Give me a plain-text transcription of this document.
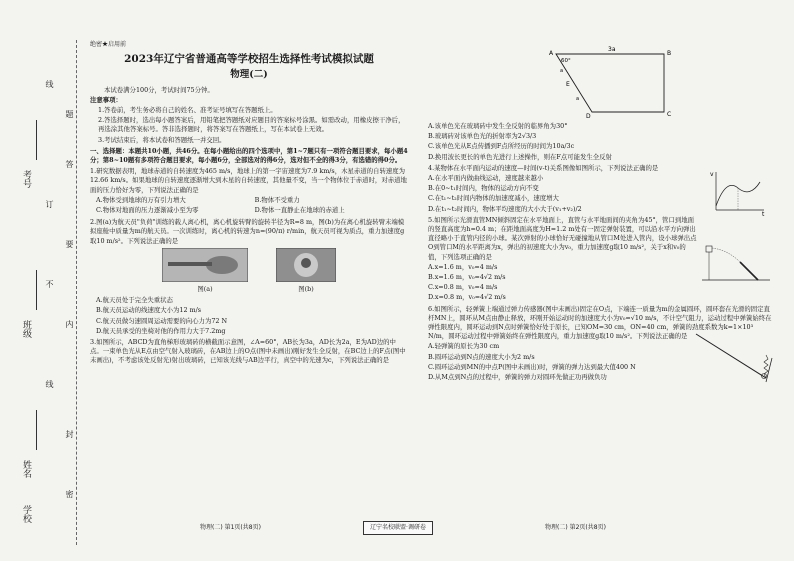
线
题
答
订
要
不
内
线
封
密
姓名
班级
考号
学校

绝密★启用前

2023年辽宁省普通高等学校招生选择性考试模拟试题
物理(二)

本试卷满分100分，考试时间75分钟。

注意事项：

1.答卷前，考生务必将自己的姓名、准考证号填写在答题纸上。

2.答选择题时，选出每小题答案后，用铅笔把答题纸对应题目的答案标号涂黑。如需改动，用橡皮擦干净后，再选涂其他答案标号。答非选择题时，将答案写在答题纸上，写在本试卷上无效。

3.考试结束后，将本试卷和答题纸一并交回。

一、选择题：本题共10小题，共46分。在每小题给出的四个选项中，第1~7题只有一项符合题目要求，每小题4分；第8~10题有多项符合题目要求，每小题6分，全部选对的得6分，选对但不全的得3分，有选错的得0分。

1.研究数据表明，地球赤道的自转速度为465 m/s，地球上的第一宇宙速度为7.9 km/s，木星赤道的自转速度为12.66 km/s。如果地球的自转速度逐渐增大到木星的自转速度，其他量不变，当一个物体位于赤道时，对赤道地面的压力恰好为零，下列说法正确的是

A.物体受到地球的万有引力增大	B.物体不受重力

C.物体对地面的压力逐渐减小至为零	D.物体一直静止在地球的赤道上

2.图(a)为航天员"负荷"训练的载人离心机，离心机旋转臂的旋转半径为R=8 m，图(b)为在离心机旋转臂末端模拟座舱中质量为m的航天员。一次训练时，离心机的转速为n=(90/π) r/min，航天员可视为质点，重力加速度g取10 m/s²。下列说法正确的是

图(a)	图(b)

A.航天员处于完全失重状态

B.航天员运动的线速度大小为12 m/s

C.航天员做匀速圆周运动需要的向心力为72 N

D.航天员承受的坐椅对他的作用力大于7.2mg

3.如图所示，ABCD为直角梯形玻璃砖的横截面示意图，∠A=60°，AB长为3a，AD长为2a，E为AD边的中点。一束单色光从E点由空气射入玻璃砖，在AB边上的O点(图中未画出)刚好发生全反射，在BC边上的F点(图中未画出)，不考虑该处反射光)射出玻璃砖，已知该光线与AB边平行，真空中的光速为c，下列说法正确的是

3a
60°
A	B
C
D
E
a
a

A.该单色光在玻璃砖中发生全反射的临界角为30°

B.玻璃砖对该单色光的折射率为2√3/3

C.该单色光从E点传播到F点所经历的时间为10a/3c

D.换用波长更长的单色光进行上述操作，则在F点可能发生全反射

4.某物体在水平面内运动的速度—时间(v-t)关系图像如图所示，下列说法正确的是

A.在水平面内做曲线运动，速度越来越小

B.在0~t₁时间内，物体的运动方向不变

C.在t₁~t₂时间内物体的加速度减小，速度增大

D.在t₁~t₂时间内，物体平均速度的大小大于(v₁+v₂)/2

v
t

5.如图所示光滑直管MN倾斜固定在水平地面上，直管与水平地面间的夹角为45°，管口到地面的竖直高度为h=0.4 m；在距地面高度为H=1.2 m处有一固定弹射装置，可以沿水平方向弹出直径略小于直管内径的小球。某次弹射的小球恰好无碰撞地从管口M处进入管内，设小球弹出点O到管口M的水平距离为x，弹出的初速度大小为v₀，重力加速度g取10 m/s²，关于x和v₀的值，下列选项正确的是

A.x=1.6 m，v₀=4 m/s

B.x=1.6 m，v₀=4√2 m/s

C.x=0.8 m，v₀=4 m/s

D.x=0.8 m，v₀=4√2 m/s

6.如图所示，轻弹簧上端通过弹力传感器(图中未画出)固定在O点，下端连一质量为m的金属圆环，圆环套在光滑的固定直杆MN上，圆环从M点由静止释放，环刚开始运动时的加速度大小为v₀=√10 m/s，不计空气阻力，运动过程中弹簧始终在弹性限度内，圆环运动到N点时弹簧恰好处于原长，已知OM=30 cm，ON=40 cm，弹簧的劲度系数为k=1×10³ N/m，圆环运动过程中弹簧始终在弹性限度内，重力加速度g取10 m/s²。下列说法正确的是

A.轻弹簧的原长为30 cm

B.圆环运动到N点的速度大小为2 m/s

C.圆环运动到MN的中点P(图中未画出)时，弹簧的弹力达到最大值400 N

D.从M点到N点的过程中，弹簧的弹力对圆环先做正功再做负功

物理(二) 第1页(共8页)	辽宁名校联盟·调研卷	物理(二) 第2页(共8页)
